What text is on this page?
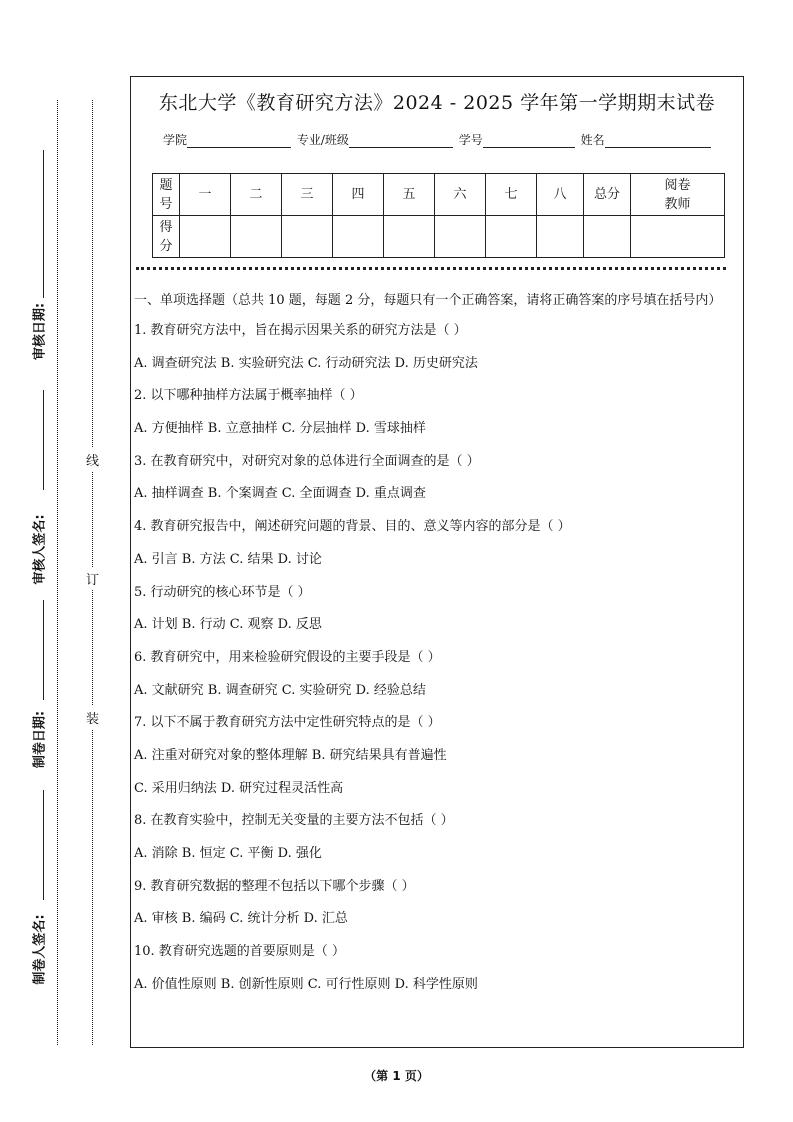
审核日期:
审核人签名:
制卷日期:
制卷人签名:
线
订
装
东北大学《教育研究方法》2024 - 2025 学年第一学期期末试卷
学院	专业/班级	学号	姓名
题号	一	二	三	四	五	六	七	八	总分	阅卷教师
得分										

一、单项选择题（总共 10 题，每题 2 分，每题只有一个正确答案，请将正确答案的序号填在括号内）

1. 教育研究方法中，旨在揭示因果关系的研究方法是（ ）

A. 调查研究法 B. 实验研究法 C. 行动研究法 D. 历史研究法

2. 以下哪种抽样方法属于概率抽样（ ）

A. 方便抽样 B. 立意抽样 C. 分层抽样 D. 雪球抽样

3. 在教育研究中，对研究对象的总体进行全面调查的是（ ）

A. 抽样调查 B. 个案调查 C. 全面调查 D. 重点调查

4. 教育研究报告中，阐述研究问题的背景、目的、意义等内容的部分是（ ）

A. 引言 B. 方法 C. 结果 D. 讨论

5. 行动研究的核心环节是（ ）

A. 计划 B. 行动 C. 观察 D. 反思

6. 教育研究中，用来检验研究假设的主要手段是（ ）

A. 文献研究 B. 调查研究 C. 实验研究 D. 经验总结

7. 以下不属于教育研究方法中定性研究特点的是（ ）

A. 注重对研究对象的整体理解 B. 研究结果具有普遍性

C. 采用归纳法 D. 研究过程灵活性高

8. 在教育实验中，控制无关变量的主要方法不包括（ ）

A. 消除 B. 恒定 C. 平衡 D. 强化

9. 教育研究数据的整理不包括以下哪个步骤（ ）

A. 审核 B. 编码 C. 统计分析 D. 汇总

10. 教育研究选题的首要原则是（ ）

A. 价值性原则 B. 创新性原则 C. 可行性原则 D. 科学性原则

（第 1 页）
